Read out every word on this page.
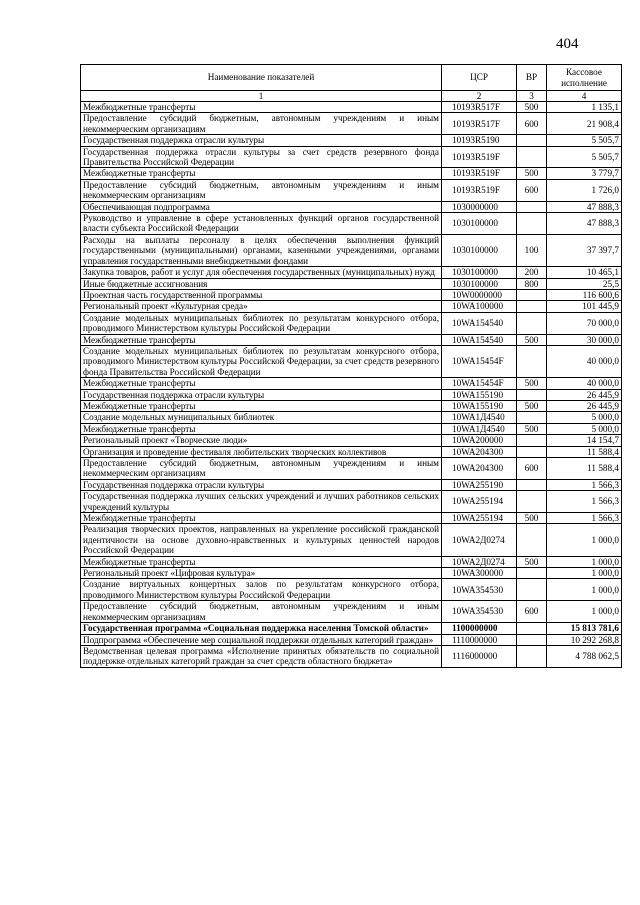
404
Наименование показателей	ЦСР	ВР	Кассовое исполнение
1	2	3	4
Межбюджетные трансферты	10193R517F	500	1 135,1
Предоставление субсидий бюджетным, автономным учреждениям и иным некоммерческим организациям	10193R517F	600	21 908,4
Государственная поддержка отрасли культуры	10193R5190		5 505,7
Государственная поддержка отрасли культуры за счет средств резервного фонда Правительства Российской Федерации	10193R519F		5 505,7
Межбюджетные трансферты	10193R519F	500	3 779,7
Предоставление субсидий бюджетным, автономным учреждениям и иным некоммерческим организациям	10193R519F	600	1 726,0
Обеспечивающая подпрограмма	1030000000		47 888,3
Руководство и управление в сфере установленных функций органов государственной власти субъекта Российской Федерации	1030100000		47 888,3
Расходы на выплаты персоналу в целях обеспечения выполнения функций государственными (муниципальными) органами, казенными учреждениями, органами управления государственными внебюджетными фондами	1030100000	100	37 397,7
Закупка товаров, работ и услуг для обеспечения государственных (муниципальных) нужд	1030100000	200	10 465,1
Иные бюджетные ассигнования	1030100000	800	25,5
Проектная часть государственной программы	10W0000000		116 600,6
Региональный проект «Культурная среда»	10WA100000		101 445,9
Создание модельных муниципальных библиотек по результатам конкурсного отбора, проводимого Министерством культуры Российской Федерации	10WA154540		70 000,0
Межбюджетные трансферты	10WA154540	500	30 000,0
Создание модельных муниципальных библиотек по результатам конкурсного отбора, проводимого Министерством культуры Российской Федерации, за счет средств резервного фонда Правительства Российской Федерации	10WA15454F		40 000,0
Межбюджетные трансферты	10WA15454F	500	40 000,0
Государственная поддержка отрасли культуры	10WA155190		26 445,9
Межбюджетные трансферты	10WA155190	500	26 445,9
Создание модельных муниципальных библиотек	10WA1Д4540		5 000,0
Межбюджетные трансферты	10WA1Д4540	500	5 000,0
Региональный проект «Творческие люди»	10WA200000		14 154,7
Организация и проведение фестиваля любительских творческих коллективов	10WA204300		11 588,4
Предоставление субсидий бюджетным, автономным учреждениям и иным некоммерческим организациям	10WA204300	600	11 588,4
Государственная поддержка отрасли культуры	10WA255190		1 566,3
Государственная поддержка лучших сельских учреждений и лучших работников сельских учреждений культуры	10WA255194		1 566,3
Межбюджетные трансферты	10WA255194	500	1 566,3
Реализация творческих проектов, направленных на укрепление российской гражданской идентичности на основе духовно-нравственных и культурных ценностей народов Российской Федерации	10WA2Д0274		1 000,0
Межбюджетные трансферты	10WA2Д0274	500	1 000,0
Региональный проект «Цифровая культура»	10WA300000		1 000,0
Создание виртуальных концертных залов по результатам конкурсного отбора, проводимого Министерством культуры Российской Федерации	10WA354530		1 000,0
Предоставление субсидий бюджетным, автономным учреждениям и иным некоммерческим организациям	10WA354530	600	1 000,0
Государственная программа «Социальная поддержка населения Томской области»	1100000000		15 813 781,6
Подпрограмма «Обеспечение мер социальной поддержки отдельных категорий граждан»	1110000000		10 292 268,8
Ведомственная целевая программа «Исполнение принятых обязательств по социальной поддержке отдельных категорий граждан за счет средств областного бюджета»	1116000000		4 788 062,5
